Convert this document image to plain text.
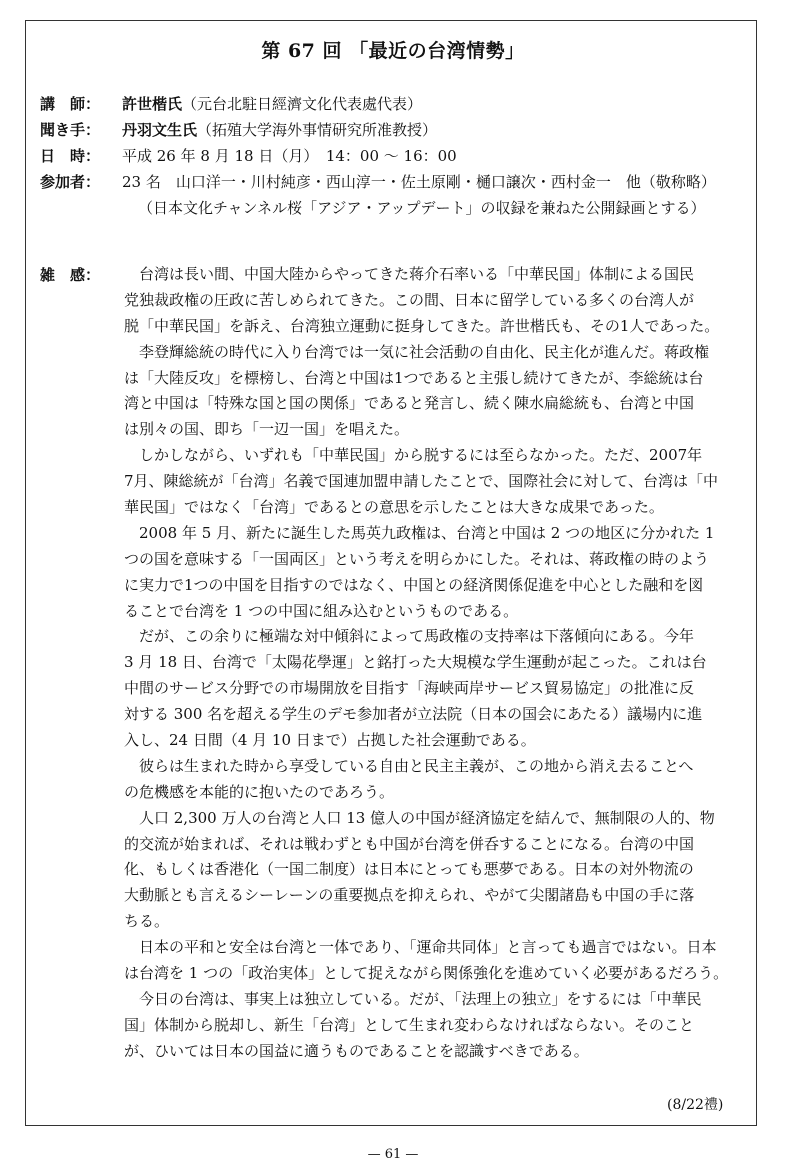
第 67 回 「最近の台湾情勢」
講　師：	許世楷氏（元台北駐日經濟文化代表處代表）
聞き手：	丹羽文生氏（拓殖大学海外事情研究所准教授）
日　時：	平成 26 年 8 月 18 日（月）　14：00 〜 16：00
参加者：	23 名　山口洋一・川村純彦・西山淳一・佐土原剛・樋口譲次・西村金一　他（敬称略）
（日本文化チャンネル桜「アジア・アップデート」の収録を兼ねた公開録画とする）
雑　感： 　台湾は長い間、中国大陸からやってきた蒋介石率いる「中華民国」体制による国民
党独裁政権の圧政に苦しめられてきた。この間、日本に留学している多くの台湾人が
脱「中華民国」を訴え、台湾独立運動に挺身してきた。許世楷氏も、その1人であった。
　李登輝総統の時代に入り台湾では一気に社会活動の自由化、民主化が進んだ。蒋政権
は「大陸反攻」を標榜し、台湾と中国は1つであると主張し続けてきたが、李総統は台
湾と中国は「特殊な国と国の関係」であると発言し、続く陳水扁総統も、台湾と中国
は別々の国、即ち「一辺一国」を唱えた。
　しかしながら、いずれも「中華民国」から脱するには至らなかった。ただ、2007年
7月、陳総統が「台湾」名義で国連加盟申請したことで、国際社会に対して、台湾は「中
華民国」ではなく「台湾」であるとの意思を示したことは大きな成果であった。
　2008 年 5 月、新たに誕生した馬英九政権は、台湾と中国は 2 つの地区に分かれた 1
つの国を意味する「一国両区」という考えを明らかにした。それは、蒋政権の時のよう
に実力で1つの中国を目指すのではなく、中国との経済関係促進を中心とした融和を図
ることで台湾を 1 つの中国に組み込むというものである。
　だが、この余りに極端な対中傾斜によって馬政権の支持率は下落傾向にある。今年
3 月 18 日、台湾で「太陽花學運」と銘打った大規模な学生運動が起こった。これは台
中間のサービス分野での市場開放を目指す「海峡両岸サービス貿易協定」の批准に反
対する 300 名を超える学生のデモ参加者が立法院（日本の国会にあたる）議場内に進
入し、24 日間（4 月 10 日まで）占拠した社会運動である。
　彼らは生まれた時から享受している自由と民主主義が、この地から消え去ることへ
の危機感を本能的に抱いたのであろう。
　人口 2,300 万人の台湾と人口 13 億人の中国が経済協定を結んで、無制限の人的、物
的交流が始まれば、それは戦わずとも中国が台湾を併呑することになる。台湾の中国
化、もしくは香港化（一国二制度）は日本にとっても悪夢である。日本の対外物流の
大動脈とも言えるシーレーンの重要拠点を抑えられ、やがて尖閣諸島も中国の手に落
ちる。
　日本の平和と安全は台湾と一体であり、「運命共同体」と言っても過言ではない。日本
は台湾を 1 つの「政治実体」として捉えながら関係強化を進めていく必要があるだろう。
　今日の台湾は、事実上は独立している。だが、「法理上の独立」をするには「中華民
国」体制から脱却し、新生「台湾」として生まれ変わらなければならない。そのこと
が、ひいては日本の国益に適うものであることを認識すべきである。
(8/22禮)
— 61 —
